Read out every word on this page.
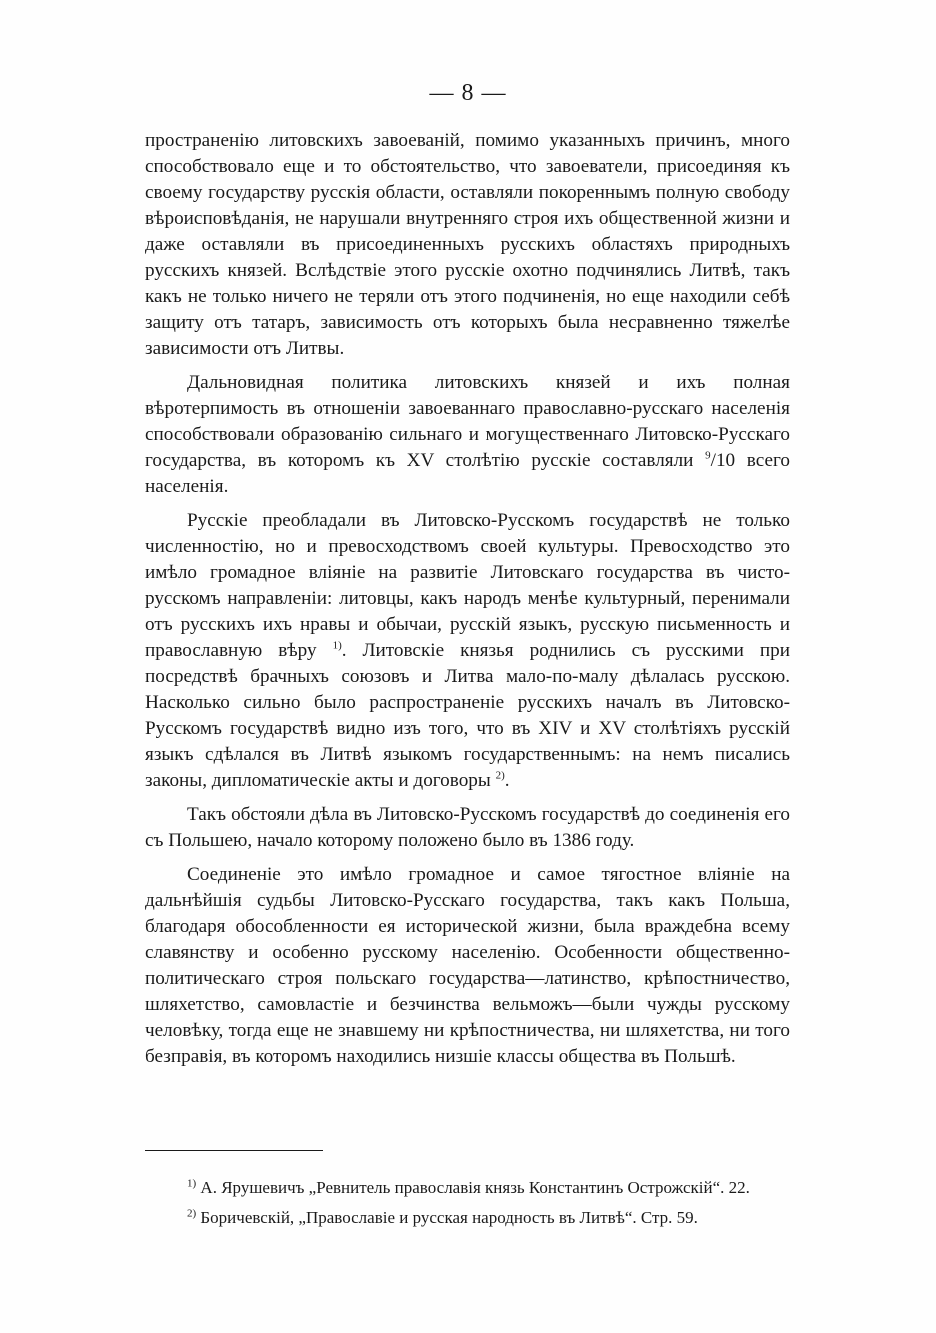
— 8 —

пространенію литовскихъ завоеваній, помимо указанныхъ причинъ, много способствовало еще и то обстоятельство, что завоеватели, присоединяя къ своему государству русскія области, оставляли покореннымъ полную свободу вѣроисповѣданія, не нарушали внутренняго строя ихъ общественной жизни и даже оставляли въ присоединенныхъ русскихъ областяхъ природныхъ русскихъ князей. Вслѣдствіе этого русскіе охотно подчинялись Литвѣ, такъ какъ не только ничего не теряли отъ этого подчиненія, но еще находили себѣ защиту отъ татаръ, зависимость отъ которыхъ была несравненно тяжелѣе зависимости отъ Литвы.

Дальновидная политика литовскихъ князей и ихъ полная вѣротерпимость въ отношеніи завоеваннаго православно-русскаго населенія способствовали образованію сильнаго и могущественнаго Литовско-Русскаго государства, въ которомъ къ XV столѣтію русскіе составляли $^9$/10 всего населенія.

Русскіе преобладали въ Литовско-Русскомъ государствѣ не только численностію, но и превосходствомъ своей культуры. Превосходство это имѣло громадное вліяніе на развитіе Литовскаго государства въ чисто-русскомъ направленіи: литовцы, какъ народъ менѣе культурный, перенимали отъ русскихъ ихъ нравы и обычаи, русскій языкъ, русскую письменность и православную вѣру $^{1)}$. Литовскіе князья роднились съ русскими при посредствѣ брачныхъ союзовъ и Литва мало-по-малу дѣлалась русскою. Насколько сильно было распространеніе русскихъ началъ въ Литовско-Русскомъ государствѣ видно изъ того, что въ XIV и XV столѣтіяхъ русскій языкъ сдѣлался въ Литвѣ языкомъ государственнымъ: на немъ писались законы, дипломатическіе акты и договоры $^{2)}$.

Такъ обстояли дѣла въ Литовско-Русскомъ государствѣ до соединенія его съ Польшею, начало которому положено было въ 1386 году.

Соединеніе это имѣло громадное и самое тягостное вліяніе на дальнѣйшія судьбы Литовско-Русскаго государства, такъ какъ Польша, благодаря обособленности ея исторической жизни, была враждебна всему славянству и особенно русскому населенію. Особенности общественно-политическаго строя польскаго государства—латинство, крѣпостничество, шляхетство, самовластіе и безчинства вельможъ—были чужды русскому человѣку, тогда еще не знавшему ни крѣпостничества, ни шляхетства, ни того безправія, въ которомъ находились низшіе классы общества въ Польшѣ.

$^{1)}$ А. Ярушевичъ „Ревнитель православія князь Константинъ Острожскій“. 22.

$^{2)}$ Боричевскій, „Православіе и русская народность въ Литвѣ“. Стр. 59.
